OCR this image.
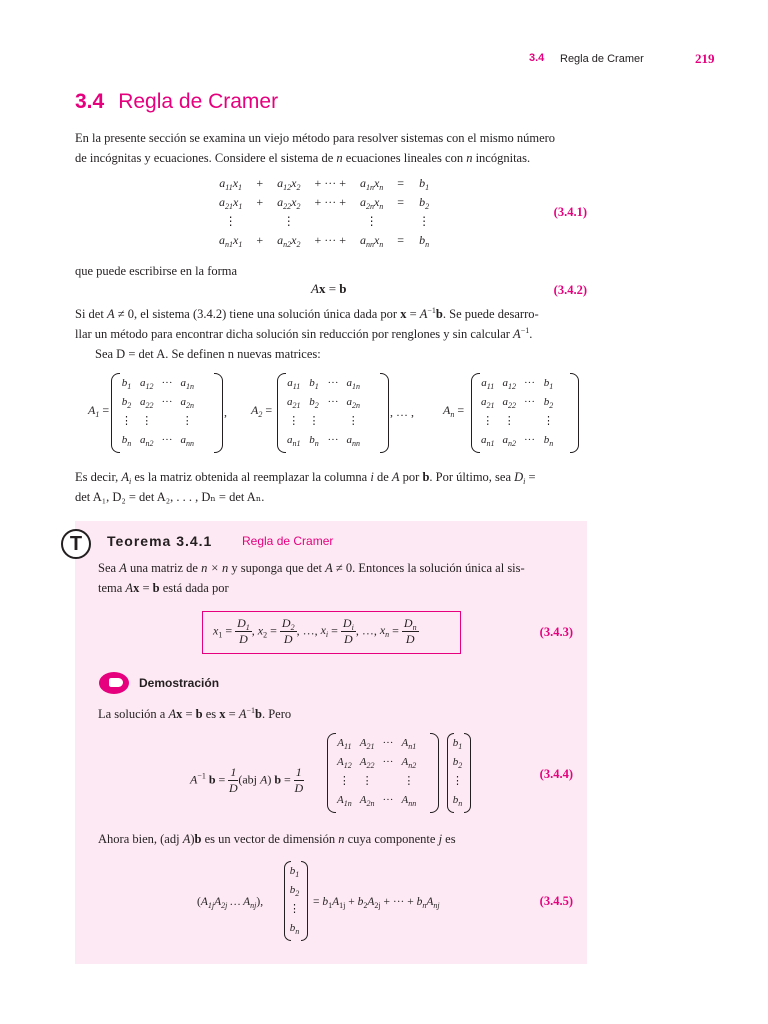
3.4 Regla de Cramer	219
3.4 Regla de Cramer
En la presente sección se examina un viejo método para resolver sistemas con el mismo número
de incógnitas y ecuaciones. Considere el sistema de n ecuaciones lineales con n incógnitas.
$a_{11}x_1$	+	$a_{12}x_2$	+ ··· +	$a_{1n}x_n$	=	$b_1$
$a_{21}x_1$	+	$a_{22}x_2$	+ ··· +	$a_{2n}x_n$	=	$b_2$
⋮		⋮		⋮		⋮
$a_{n1}x_1$	+	$a_{n2}x_2$	+ ··· +	$a_{nn}x_n$	=	$b_n$
(3.4.1)
que puede escribirse en la forma
Ax = b	(3.4.2)
Si det A ≠ 0, el sistema (3.4.2) tiene una solución única dada por $x = A^{-1}b$. Se puede desarro-
llar un método para encontrar dicha solución sin reducción por renglones y sin calcular $A^{-1}$.
Sea D = det A. Se definen n nuevas matrices:
$A_1$ =
$b_1$	$a_{12}$	···	$a_{1n}$
$b_2$	$a_{22}$	···	$a_{2n}$
⋮	⋮		⋮
$b_n$	$a_{n2}$	···	$a_{nn}$
, $A_2$ =
$a_{11}$	$b_1$	···	$a_{1n}$
$a_{21}$	$b_2$	···	$a_{2n}$
⋮	⋮		⋮
$a_{n1}$	$b_n$	···	$a_{nn}$
, … , $A_n$ =
$a_{11}$	$a_{12}$	···	$b_1$
$a_{21}$	$a_{22}$	···	$b_2$
⋮	⋮		⋮
$a_{n1}$	$a_{n2}$	···	$b_n$
Es decir, $A_i$ es la matriz obtenida al reemplazar la columna i de A por b. Por último, sea $D_i$ =
det A₁, D₂ = det A₂, . . . , Dₙ = det Aₙ.
T	Teorema 3.4.1 Regla de Cramer
Sea A una matriz de n × n y suponga que det A ≠ 0. Entonces la solución única al sis-
tema Ax = b está dada por
$x_1 = \frac{D_1}{D}$ , $x_2 = \frac{D_2}{D}$ , …, $x_i = \frac{D_i}{D}$ , …, $x_n = \frac{D_n}{D}$	(3.4.3)
Demostración
La solución a Ax = b es $x = A^{-1}b$. Pero
$A^{-1}$ $b = \frac{1}{D} (abj$ A) $b = \frac{1}{D}$
$A_{11}$	$A_{21}$	···	$A_{n1}$
$A_{12}$	$A_{22}$	···	$A_{n2}$
⋮	⋮		⋮
$A_{1n}$	$A_{2n}$	···	$A_{nn}$
$b_1$
$b_2$
⋮
$b_n$
(3.4.4)
Ahora bien, (adj A)b es un vector de dimensión n cuya componente j es
($A_{1j}A_{2j}$ … $A_{nj}$),
$b_1$
$b_2$
⋮
$b_n$
= $b_1A_{1j} + b_2A_{2j}$ + ··· + $b_nA_{nj}$	(3.4.5)
